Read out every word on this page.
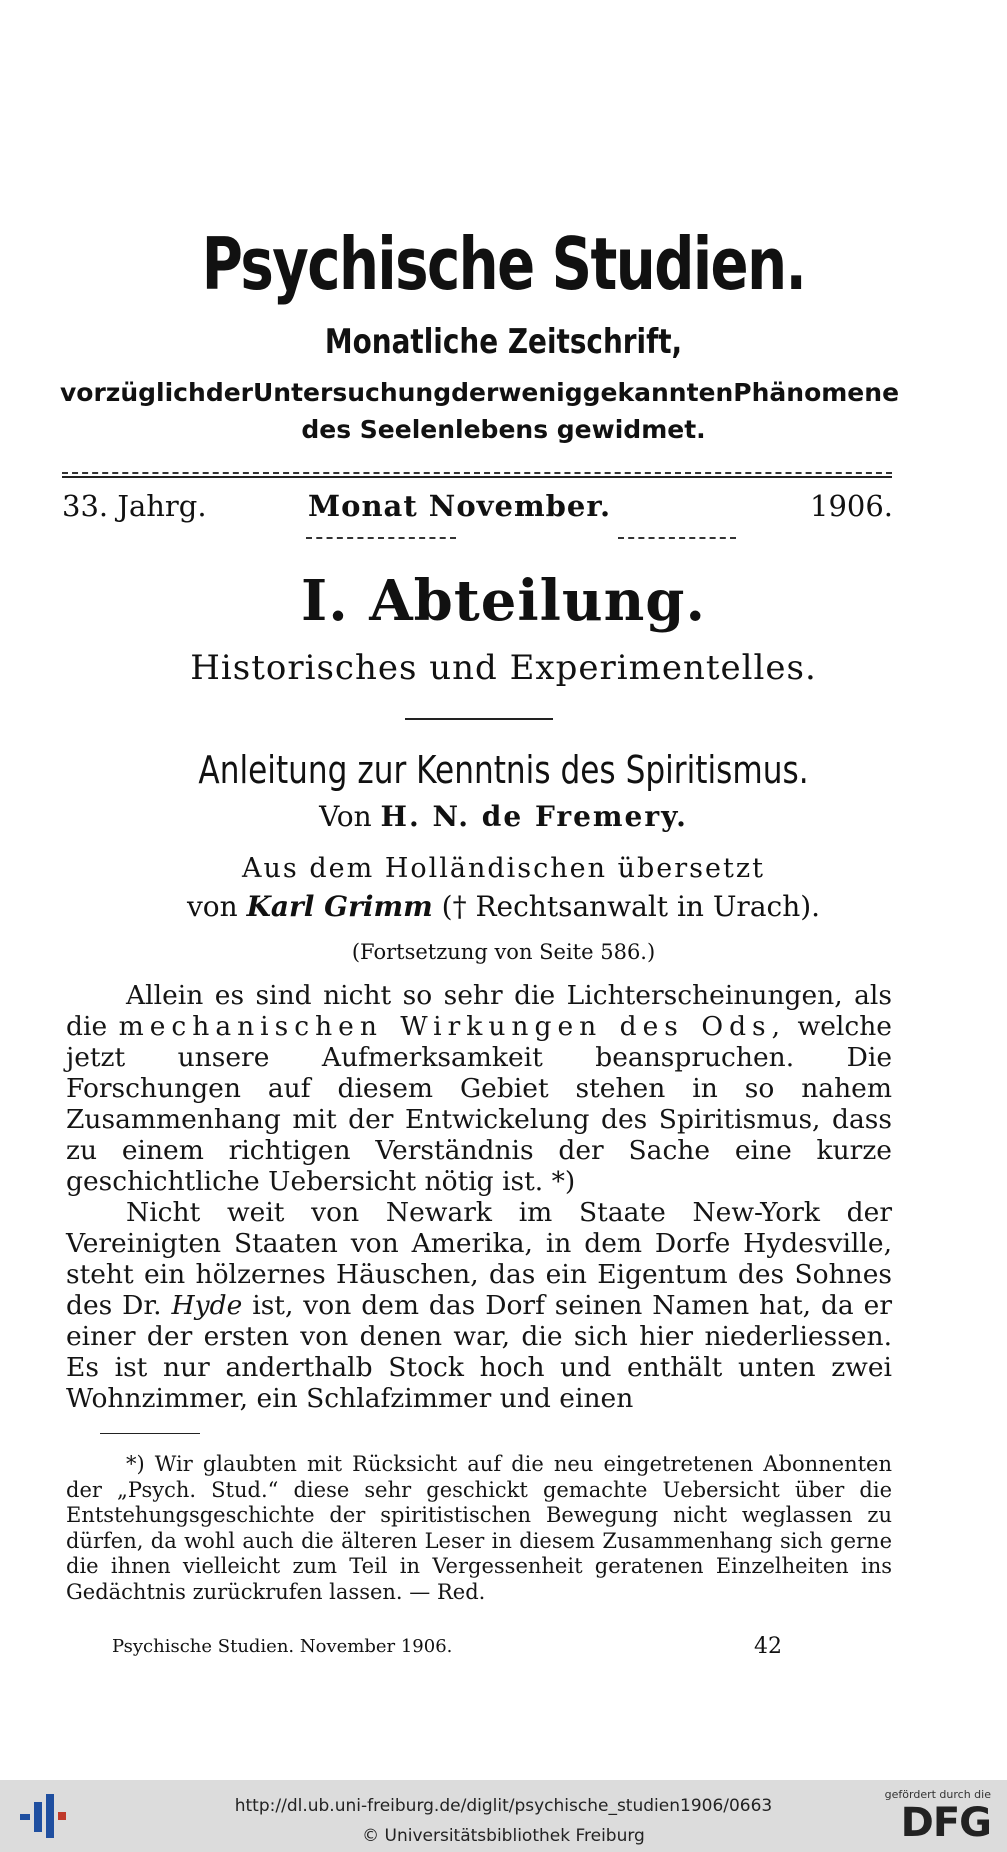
Psychische Studien.
Monatliche Zeitschrift,
vorzüglich der Untersuchung der wenig gekannten Phänomene
des Seelenlebens gewidmet.
33. Jahrg.	Monat November.	1906.
I. Abteilung.
Historisches und Experimentelles.
Anleitung zur Kenntnis des Spiritismus.
Von H. N. de Fremery.
Aus dem Holländischen übersetzt
von Karl Grimm († Rechtsanwalt in Urach).
(Fortsetzung von Seite 586.)

Allein es sind nicht so sehr die Lichterscheinungen, als die mechanischen Wirkungen des Ods, welche jetzt unsere Aufmerksamkeit beanspruchen. Die Forschungen auf diesem Gebiet stehen in so nahem Zusammenhang mit der Entwickelung des Spiritismus, dass zu einem richtigen Verständnis der Sache eine kurze geschichtliche Uebersicht nötig ist. *)

Nicht weit von Newark im Staate New-York der Vereinigten Staaten von Amerika, in dem Dorfe Hydesville, steht ein hölzernes Häuschen, das ein Eigentum des Sohnes des Dr. Hyde ist, von dem das Dorf seinen Namen hat, da er einer der ersten von denen war, die sich hier niederliessen. Es ist nur anderthalb Stock hoch und enthält unten zwei Wohnzimmer, ein Schlafzimmer und einen

*) Wir glaubten mit Rücksicht auf die neu eingetretenen Abonnenten der „Psych. Stud.“ diese sehr geschickt gemachte Uebersicht über die Entstehungsgeschichte der spiritistischen Bewegung nicht weglassen zu dürfen, da wohl auch die älteren Leser in diesem Zusammenhang sich gerne die ihnen vielleicht zum Teil in Vergessenheit geratenen Einzelheiten ins Gedächtnis zurückrufen lassen. — Red.

Psychische Studien. November 1906.	42
http://dl.ub.uni-freiburg.de/diglit/psychische_studien1906/0663
© Universitätsbibliothek Freiburg
gefördert durch die
DFG
